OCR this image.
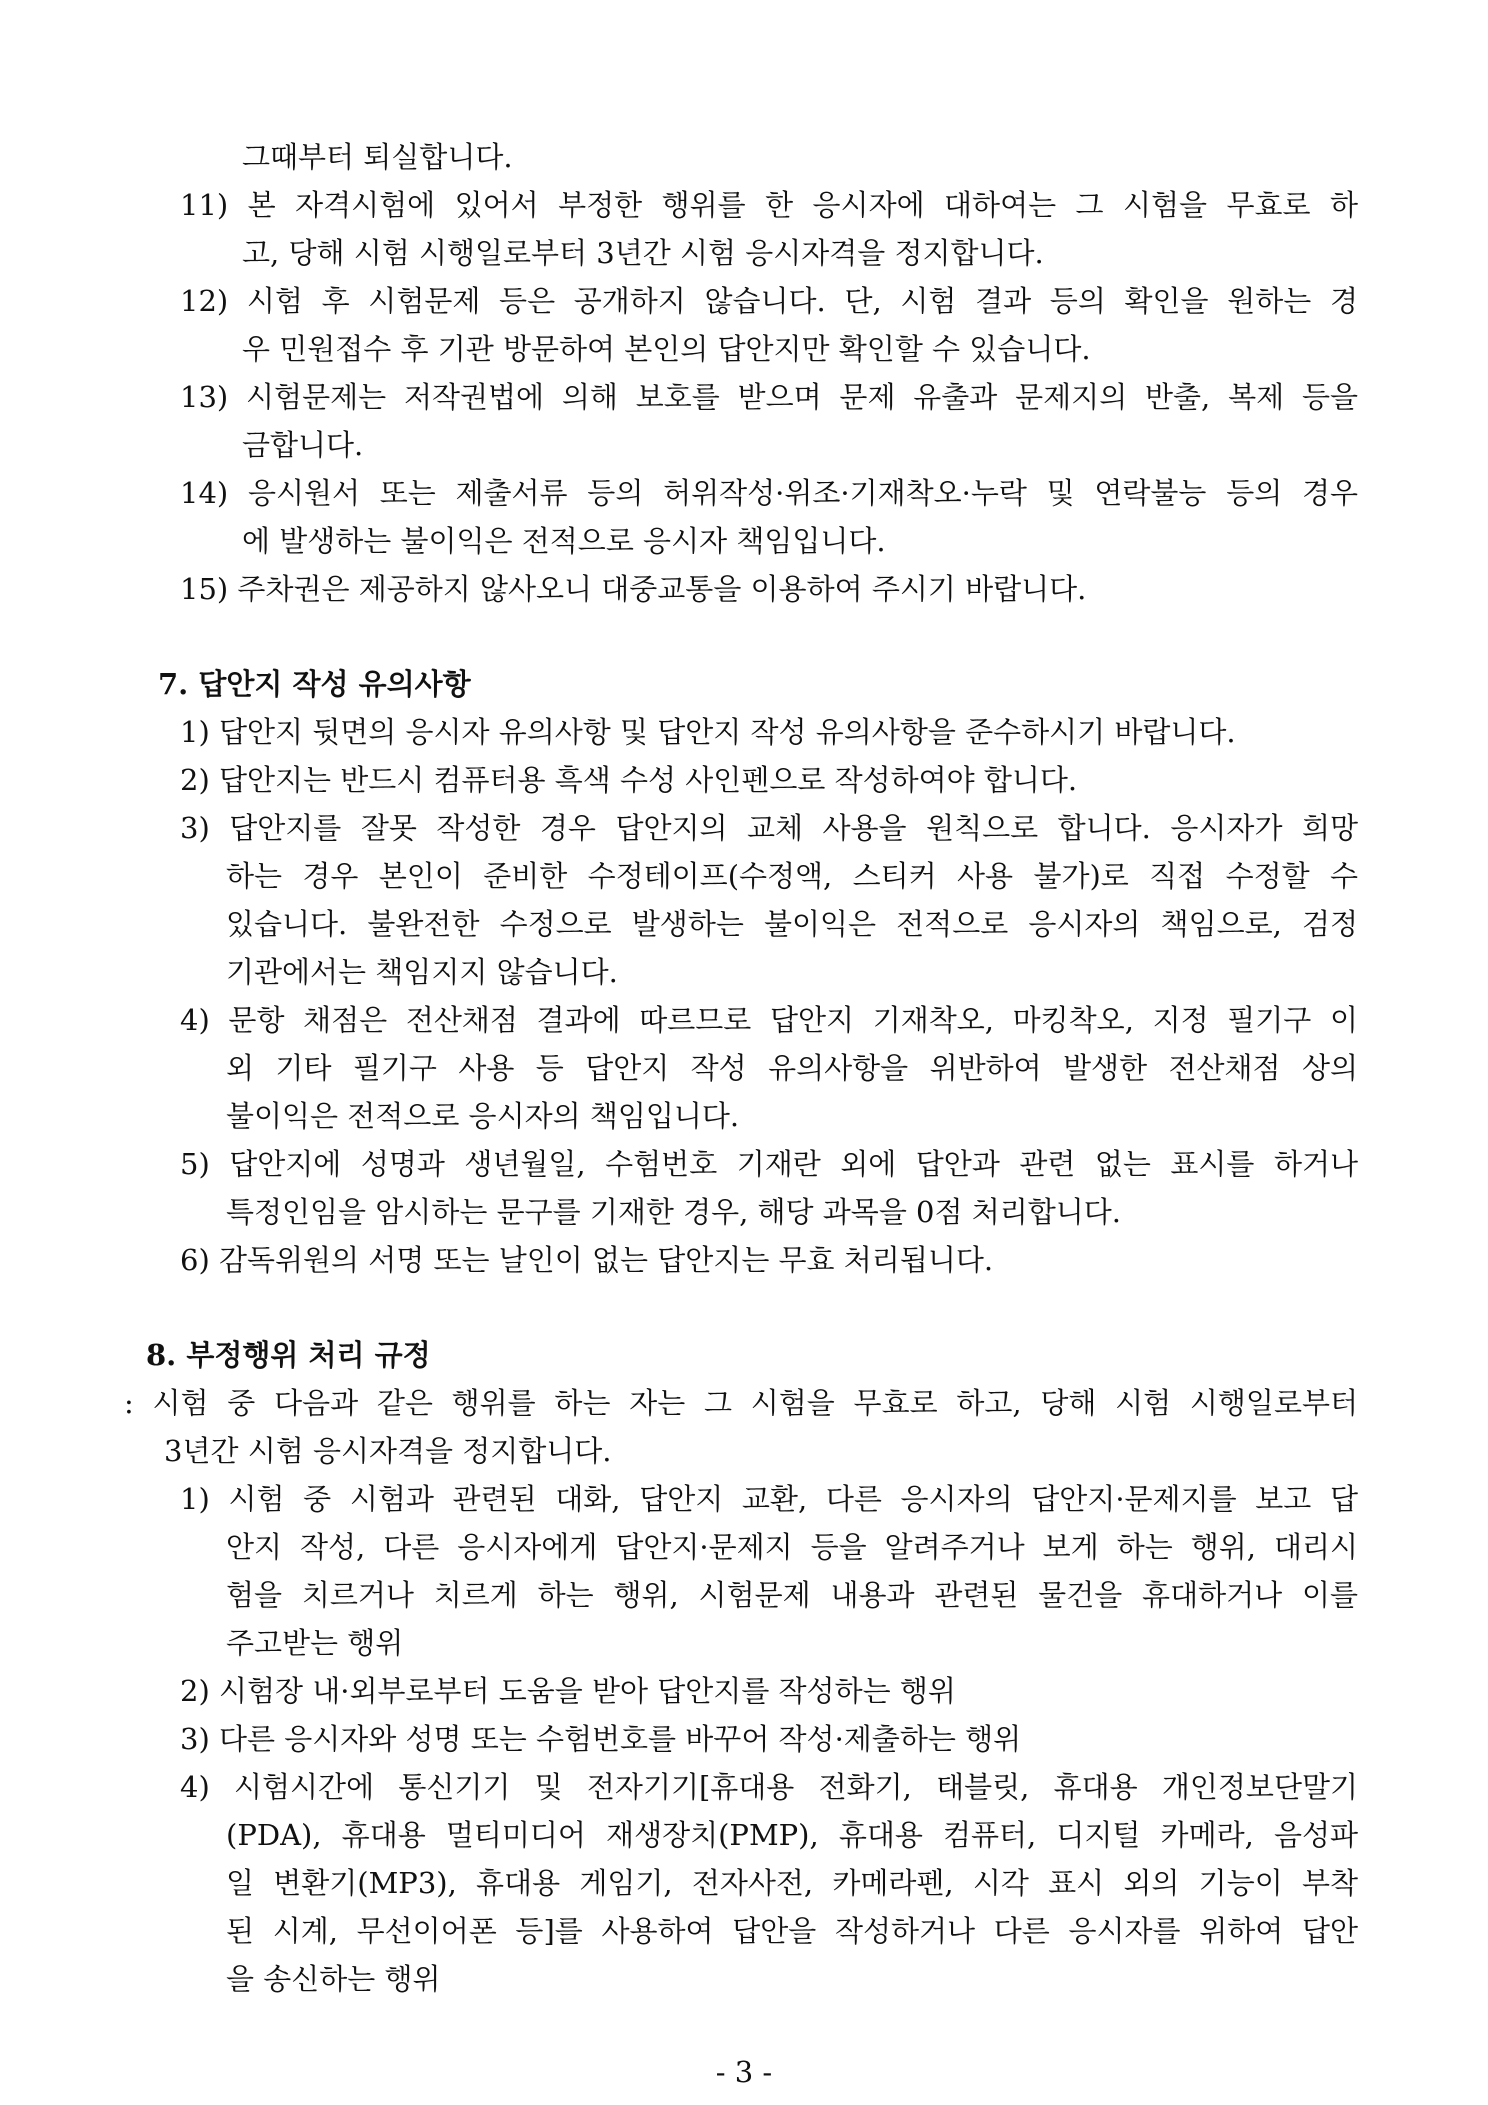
그때부터 퇴실합니다.
11) 본 자격시험에 있어서 부정한 행위를 한 응시자에 대하여는 그 시험을 무효로 하
고, 당해 시험 시행일로부터 3년간 시험 응시자격을 정지합니다.
12) 시험 후 시험문제 등은 공개하지 않습니다. 단, 시험 결과 등의 확인을 원하는 경
우 민원접수 후 기관 방문하여 본인의 답안지만 확인할 수 있습니다.
13) 시험문제는 저작권법에 의해 보호를 받으며 문제 유출과 문제지의 반출, 복제 등을
금합니다.
14) 응시원서 또는 제출서류 등의 허위작성·위조·기재착오·누락 및 연락불능 등의 경우
에 발생하는 불이익은 전적으로 응시자 책임입니다.
15) 주차권은 제공하지 않사오니 대중교통을 이용하여 주시기 바랍니다.
7. 답안지 작성 유의사항
1) 답안지 뒷면의 응시자 유의사항 및 답안지 작성 유의사항을 준수하시기 바랍니다.
2) 답안지는 반드시 컴퓨터용 흑색 수성 사인펜으로 작성하여야 합니다.
3) 답안지를 잘못 작성한 경우 답안지의 교체 사용을 원칙으로 합니다. 응시자가 희망
하는 경우 본인이 준비한 수정테이프(수정액, 스티커 사용 불가)로 직접 수정할 수
있습니다. 불완전한 수정으로 발생하는 불이익은 전적으로 응시자의 책임으로, 검정
기관에서는 책임지지 않습니다.
4) 문항 채점은 전산채점 결과에 따르므로 답안지 기재착오, 마킹착오, 지정 필기구 이
외 기타 필기구 사용 등 답안지 작성 유의사항을 위반하여 발생한 전산채점 상의
불이익은 전적으로 응시자의 책임입니다.
5) 답안지에 성명과 생년월일, 수험번호 기재란 외에 답안과 관련 없는 표시를 하거나
특정인임을 암시하는 문구를 기재한 경우, 해당 과목을 0점 처리합니다.
6) 감독위원의 서명 또는 날인이 없는 답안지는 무효 처리됩니다.
8. 부정행위 처리 규정
: 시험 중 다음과 같은 행위를 하는 자는 그 시험을 무효로 하고, 당해 시험 시행일로부터
3년간 시험 응시자격을 정지합니다.
1) 시험 중 시험과 관련된 대화, 답안지 교환, 다른 응시자의 답안지·문제지를 보고 답
안지 작성, 다른 응시자에게 답안지·문제지 등을 알려주거나 보게 하는 행위, 대리시
험을 치르거나 치르게 하는 행위, 시험문제 내용과 관련된 물건을 휴대하거나 이를
주고받는 행위
2) 시험장 내·외부로부터 도움을 받아 답안지를 작성하는 행위
3) 다른 응시자와 성명 또는 수험번호를 바꾸어 작성·제출하는 행위
4) 시험시간에 통신기기 및 전자기기[휴대용 전화기, 태블릿, 휴대용 개인정보단말기
(PDA), 휴대용 멀티미디어 재생장치(PMP), 휴대용 컴퓨터, 디지털 카메라, 음성파
일 변환기(MP3), 휴대용 게임기, 전자사전, 카메라펜, 시각 표시 외의 기능이 부착
된 시계, 무선이어폰 등]를 사용하여 답안을 작성하거나 다른 응시자를 위하여 답안
을 송신하는 행위
- 3 -
